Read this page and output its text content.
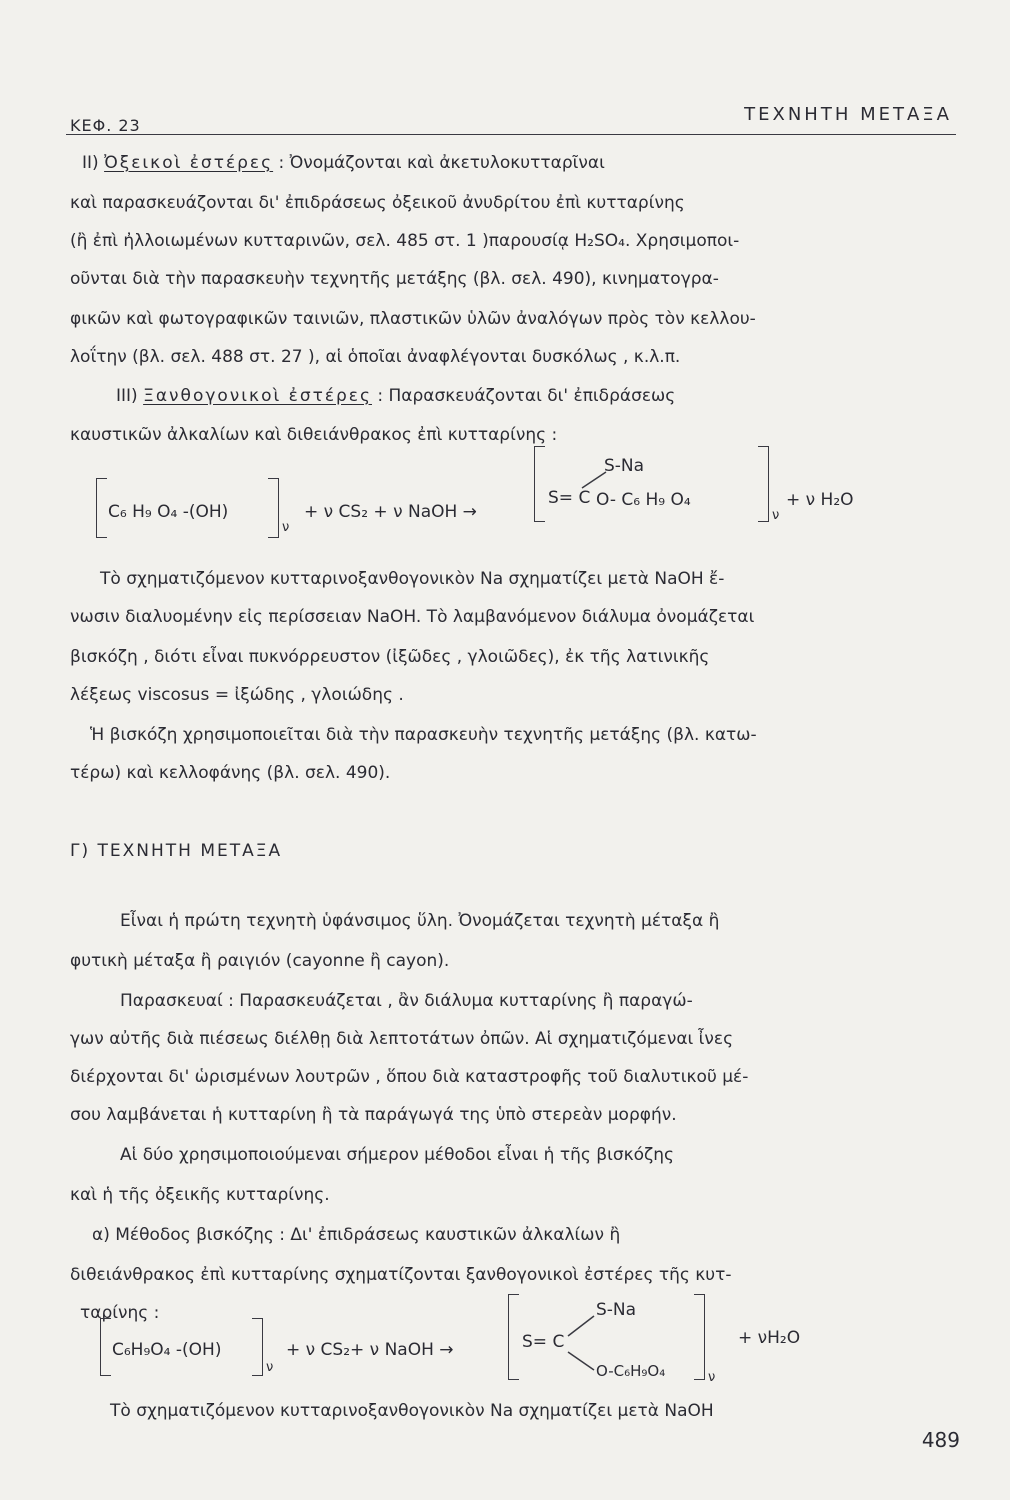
ΚΕΦ. 23
ΤΕΧΝΗΤΗ ΜΕΤΑΞΑ
II) Ὀξεικοὶ ἐστέρες : Ὀνομάζονται καὶ ἀκετυλοκυτταρῖναι
καὶ παρασκευάζονται δι' ἐπιδράσεως ὀξεικοῦ ἀνυδρίτου ἐπὶ κυτταρίνης
(ἢ ἐπὶ ἠλλοιωμένων κυτταρινῶν, σελ. 485 στ. 1 )παρουσίᾳ H₂SO₄. Χρησιμοποι-
οῦνται διὰ τὴν παρασκευὴν τεχνητῆς μετάξης (βλ. σελ. 490), κινηματογρα-
φικῶν καὶ φωτογραφικῶν ταινιῶν, πλαστικῶν ὑλῶν ἀναλόγων πρὸς τὸν κελλου-
λοΐτην (βλ. σελ. 488 στ. 27 ), αἱ ὁποῖαι ἀναφλέγονται δυσκόλως , κ.λ.π.
III) Ξανθογονικοὶ ἐστέρες : Παρασκευάζονται δι' ἐπιδράσεως
καυστικῶν ἀλκαλίων καὶ διθειάνθρακος ἐπὶ κυτταρίνης :
C₆ H₉ O₄ -(OH)
ν
+ ν CS₂ + ν NaOH →
S-Na
S= C O- C₆ H₉ O₄
ν
+ ν H₂O
Τὸ σχηματιζόμενον κυτταρινοξανθογονικὸν Na σχηματίζει μετὰ NaOH ἔ-
νωσιν διαλυομένην εἰς περίσσειαν NaOH. Τὸ λαμβανόμενον διάλυμα ὀνομάζεται
βισκόζη , διότι εἶναι πυκνόρρευστον (ἰξῶδες , γλοιῶδες), ἐκ τῆς λατινικῆς
λέξεως viscosus = ἰξώδης , γλοιώδης .
Ἡ βισκόζη χρησιμοποιεῖται διὰ τὴν παρασκευὴν τεχνητῆς μετάξης (βλ. κατω-
τέρω) καὶ κελλοφάνης (βλ. σελ. 490).
Γ) ΤΕΧΝΗΤΗ ΜΕΤΑΞΑ
Εἶναι ἡ πρώτη τεχνητὴ ὑφάνσιμος ὕλη. Ὀνομάζεται τεχνητὴ μέταξα ἢ
φυτικὴ μέταξα ἢ ραιγιόν (cayonne ἢ cayon).
Παρασκευαί : Παρασκευάζεται , ἂν διάλυμα κυτταρίνης ἢ παραγώ-
γων αὐτῆς διὰ πιέσεως διέλθῃ διὰ λεπτοτάτων ὀπῶν. Αἱ σχηματιζόμεναι ἶνες
διέρχονται δι' ὡρισμένων λουτρῶν , ὅπου διὰ καταστροφῆς τοῦ διαλυτικοῦ μέ-
σου λαμβάνεται ἡ κυτταρίνη ἢ τὰ παράγωγά της ὑπὸ στερεὰν μορφήν.
Αἱ δύο χρησιμοποιούμεναι σήμερον μέθοδοι εἶναι ἡ τῆς βισκόζης
καὶ ἡ τῆς ὀξεικῆς κυτταρίνης.
α) Μέθοδος βισκόζης : Δι' ἐπιδράσεως καυστικῶν ἀλκαλίων ἢ
διθειάνθρακος ἐπὶ κυτταρίνης σχηματίζονται ξανθογονικοὶ ἐστέρες τῆς κυτ-
ταρίνης :
C₆H₉O₄ -(OH)
ν
+ ν CS₂+ ν NaOH →
S-Na
S= C
O-C₆H₉O₄	ν
+ νH₂O
Τὸ σχηματιζόμενον κυτταρινοξανθογονικὸν Na σχηματίζει μετὰ NaOH
489
